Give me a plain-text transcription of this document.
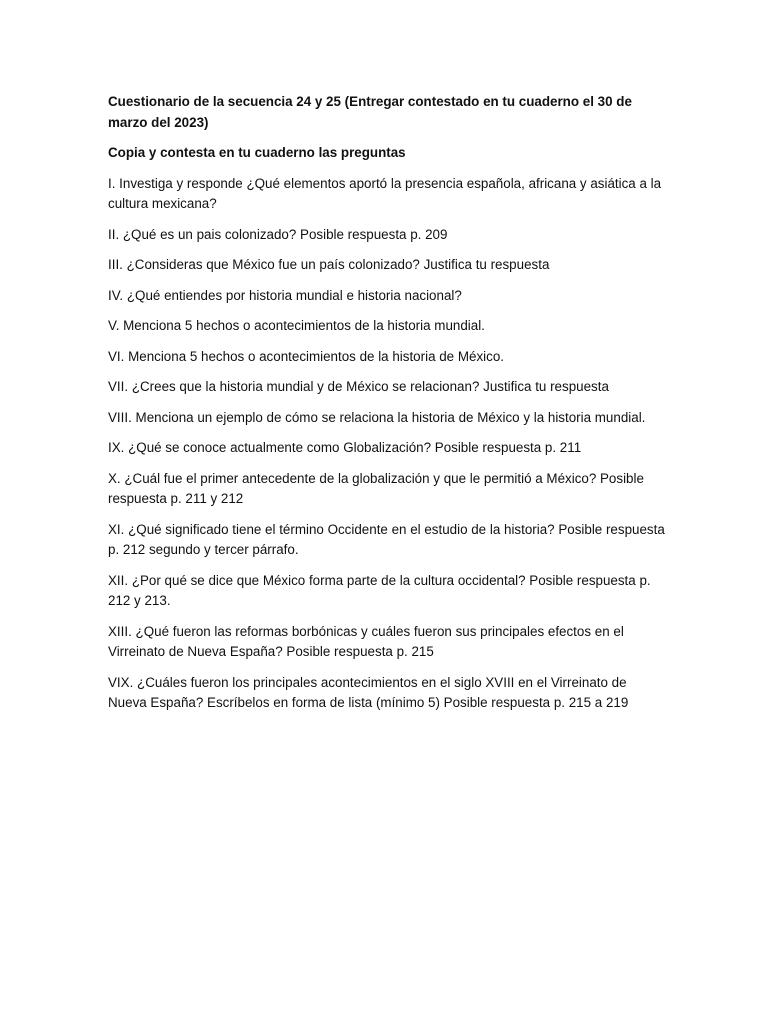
Cuestionario de la secuencia 24 y 25 (Entregar contestado en tu cuaderno el 30 de marzo del 2023)

Copia y contesta en tu cuaderno las preguntas

I. Investiga y responde ¿Qué elementos aportó la presencia española, africana y asiática a la cultura mexicana?

II. ¿Qué es un pais colonizado? Posible respuesta p. 209

III. ¿Consideras que México fue un país colonizado? Justifica tu respuesta

IV. ¿Qué entiendes por historia mundial e historia nacional?

V. Menciona 5 hechos o acontecimientos de la historia mundial.

VI. Menciona 5 hechos o acontecimientos de la historia de México.

VII. ¿Crees que la historia mundial y de México se relacionan? Justifica tu respuesta

VIII. Menciona un ejemplo de cómo se relaciona la historia de México y la historia mundial.

IX. ¿Qué se conoce actualmente como Globalización? Posible respuesta p. 211

X. ¿Cuál fue el primer antecedente de la globalización y que le permitió a México? Posible respuesta p. 211 y 212

XI. ¿Qué significado tiene el término Occidente en el estudio de la historia? Posible respuesta p. 212 segundo y tercer párrafo.

XII. ¿Por qué se dice que México forma parte de la cultura occidental? Posible respuesta p. 212 y 213.

XIII. ¿Qué fueron las reformas borbónicas y cuáles fueron sus principales efectos en el Virreinato de Nueva España? Posible respuesta p. 215

VIX. ¿Cuáles fueron los principales acontecimientos en el siglo XVIII en el Virreinato de Nueva España? Escríbelos en forma de lista (mínimo 5) Posible respuesta p. 215 a 219
